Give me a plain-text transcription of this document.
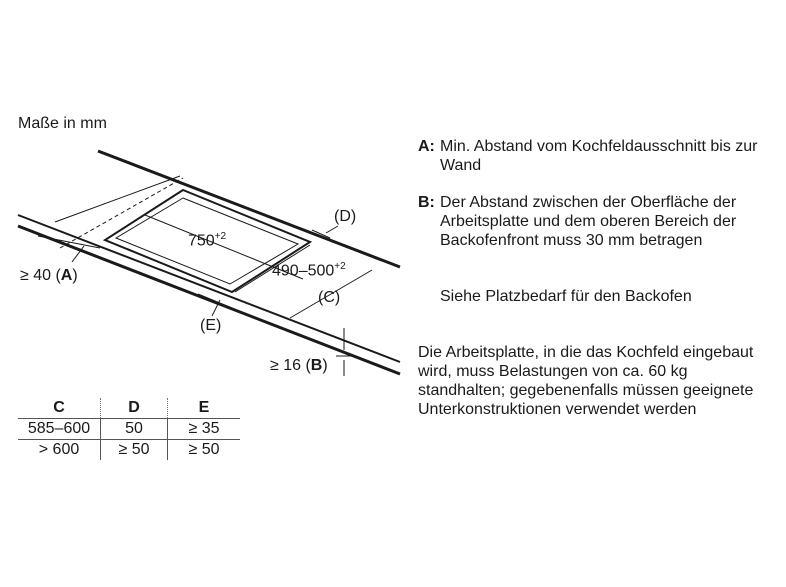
Maße in mm
$750^{+2}$
$490-500^{+2}$
(D)
(C)
(E)
≥ 40 (A)
≥ 16 (B)
C	D	E
585–600	50	≥ 35
> 600	≥ 50	≥ 50
A: Min. Abstand vom Kochfeldausschnitt bis zur Wand
B: Der Abstand zwischen der Oberfläche der Arbeitsplatte und dem oberen Bereich der Backofenfront muss 30 mm betragen
Siehe Platzbedarf für den Backofen
Die Arbeitsplatte, in die das Kochfeld eingebaut wird, muss Belastungen von ca. 60 kg standhalten; gegebenenfalls müssen geeignete Unterkonstruktionen verwendet werden
